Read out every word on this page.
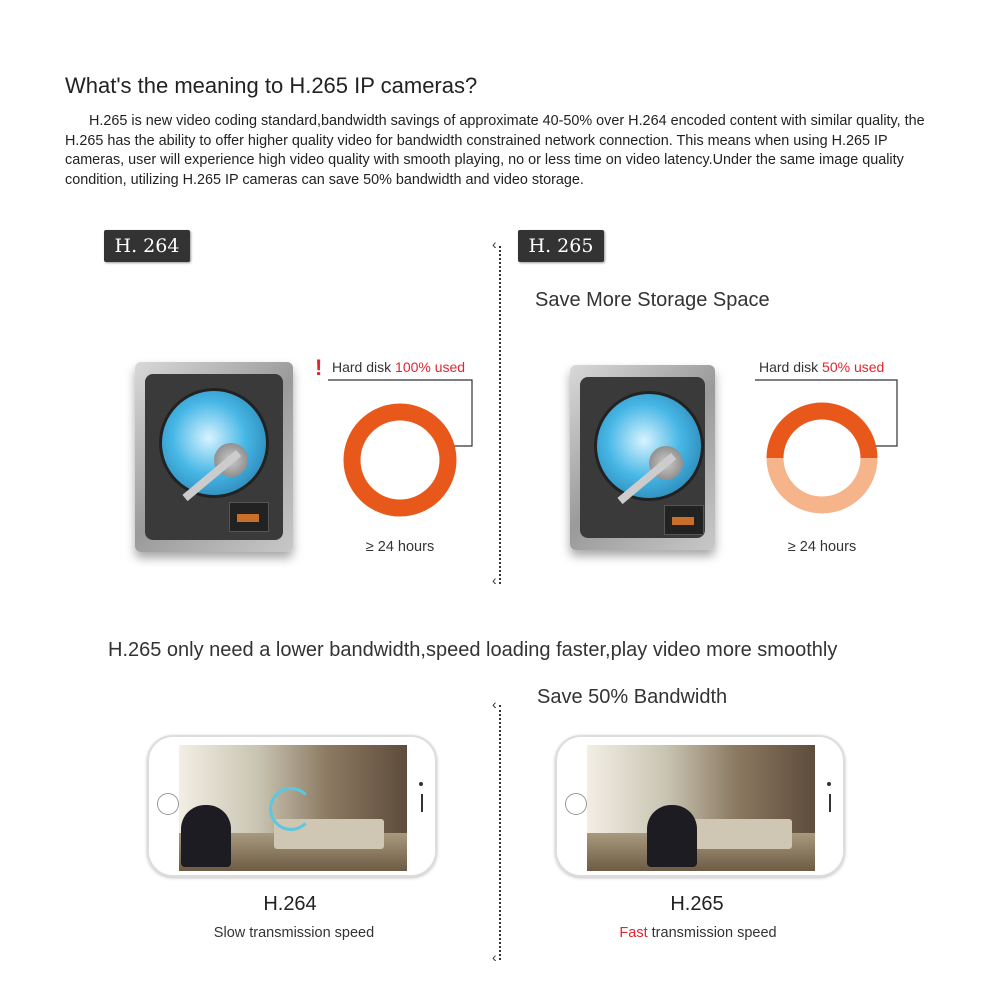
What's the meaning to H.265 IP cameras?
H.265 is new video coding standard,bandwidth savings of approximate 40-50% over H.264 encoded content with similar quality, the H.265 has the ability to offer higher quality video for bandwidth constrained network connection. This means when using H.265 IP cameras, user will experience high video quality with smooth playing, no or less time on video latency.Under the same image quality condition, utilizing H.265 IP cameras can save 50% bandwidth and video storage.
H. 264	H. 265
‹
‹
Save More Storage Space
! Hard disk 100% used
≥ 24 hours
Hard disk 50% used
≥ 24 hours
H.265 only need a lower bandwidth,speed loading faster,play video more smoothly
Save 50% Bandwidth
‹
‹
H.264
Slow transmission speed
H.265
Fast transmission speed
